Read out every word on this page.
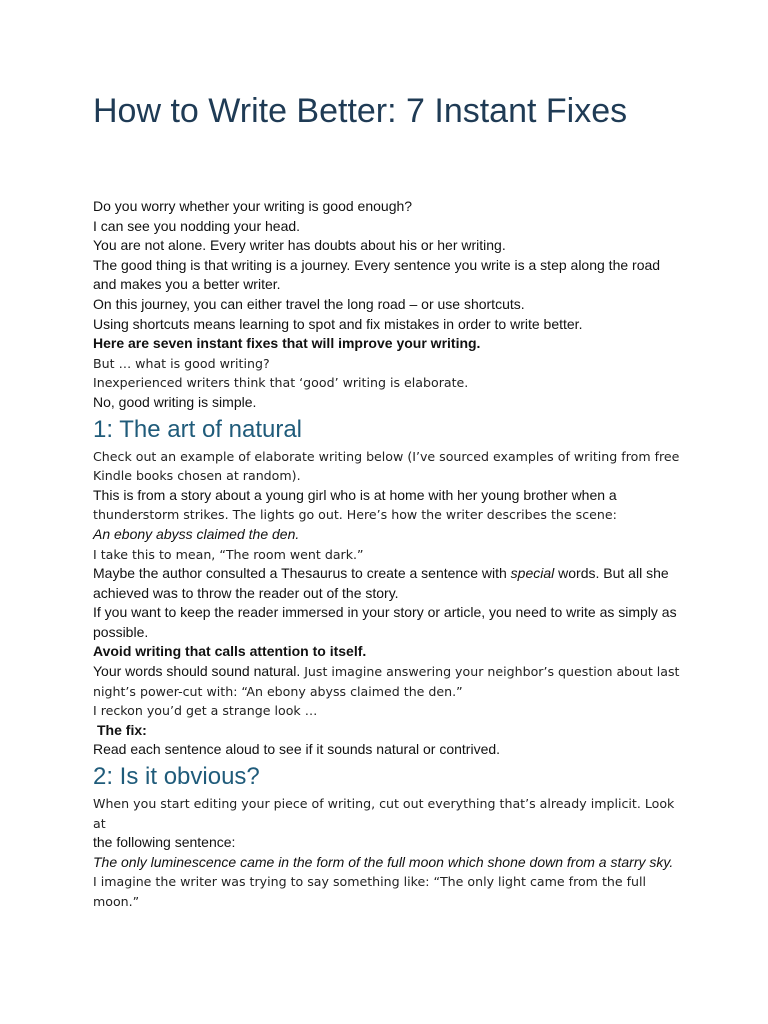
How to Write Better: 7 Instant Fixes

Do you worry whether your writing is good enough?

I can see you nodding your head.

You are not alone. Every writer has doubts about his or her writing.

The good thing is that writing is a journey. Every sentence you write is a step along the road and makes you a better writer.

On this journey, you can either travel the long road – or use shortcuts.

Using shortcuts means learning to spot and fix mistakes in order to write better.

Here are seven instant fixes that will improve your writing.

But … what is good writing?

Inexperienced writers think that ‘good’ writing is elaborate.

No, good writing is simple.

1: The art of natural

Check out an example of elaborate writing below (I’ve sourced examples of writing from free Kindle books chosen at random).

This is from a story about a young girl who is at home with her young brother when a

thunderstorm strikes. The lights go out. Here’s how the writer describes the scene:

An ebony abyss claimed the den.

I take this to mean, “The room went dark.”

Maybe the author consulted a Thesaurus to create a sentence with special words. But all she achieved was to throw the reader out of the story.

If you want to keep the reader immersed in your story or article, you need to write as simply as possible.

Avoid writing that calls attention to itself.

Your words should sound natural. Just imagine answering your neighbor’s question about last night’s power-cut with: “An ebony abyss claimed the den.”

I reckon you’d get a strange look …

The fix:

Read each sentence aloud to see if it sounds natural or contrived.

2: Is it obvious?

When you start editing your piece of writing, cut out everything that’s already implicit. Look at

the following sentence:

The only luminescence came in the form of the full moon which shone down from a starry sky.

I imagine the writer was trying to say something like: “The only light came from the full moon.”
